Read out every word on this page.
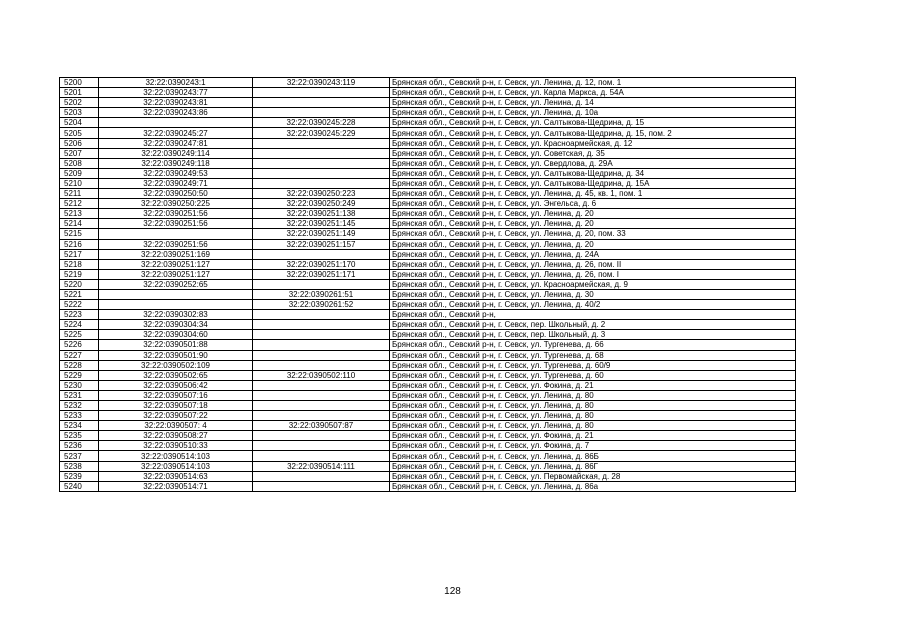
5200	32:22:0390243:1	32:22:0390243:119	Брянская обл., Севский р-н, г. Севск, ул. Ленина, д. 12, пом. 1
5201	32:22:0390243:77		Брянская обл., Севский р-н, г. Севск, ул. Карла Маркса, д. 54А
5202	32:22:0390243:81		Брянская обл., Севский р-н, г. Севск, ул. Ленина, д. 14
5203	32:22:0390243:86		Брянская обл., Севский р-н, г. Севск, ул. Ленина, д. 10а
5204		32:22:0390245:228	Брянская обл., Севский р-н, г. Севск, ул. Салтыкова-Щедрина, д. 15
5205	32:22:0390245:27	32:22:0390245:229	Брянская обл., Севский р-н, г. Севск, ул. Салтыкова-Щедрина, д. 15, пом. 2
5206	32:22:0390247:81		Брянская обл., Севский р-н, г. Севск, ул. Красноармейская, д. 12
5207	32:22:0390249:114		Брянская обл., Севский р-н, г. Севск, ул. Советская, д. 35
5208	32:22:0390249:118		Брянская обл., Севский р-н, г. Севск, ул. Свердлова, д. 29А
5209	32:22:0390249:53		Брянская обл., Севский р-н, г. Севск, ул. Салтыкова-Щедрина, д. 34
5210	32:22:0390249:71		Брянская обл., Севский р-н, г. Севск, ул. Салтыкова-Щедрина, д. 15А
5211	32:22:0390250:50	32:22:0390250:223	Брянская обл., Севский р-н, г. Севск, ул. Ленина, д. 45, кв. 1, пом. 1
5212	32:22:0390250:225	32:22:0390250:249	Брянская обл., Севский р-н, г. Севск, ул. Энгельса, д. 6
5213	32:22:0390251:56	32:22:0390251:138	Брянская обл., Севский р-н, г. Севск, ул. Ленина, д. 20
5214	32:22:0390251:56	32:22:0390251:145	Брянская обл., Севский р-н, г. Севск, ул. Ленина, д. 20
5215		32:22:0390251:149	Брянская обл., Севский р-н, г. Севск, ул. Ленина, д. 20, пом. 33
5216	32:22:0390251:56	32:22:0390251:157	Брянская обл., Севский р-н, г. Севск, ул. Ленина, д. 20
5217	32:22:0390251:169		Брянская обл., Севский р-н, г. Севск, ул. Ленина, д. 24А
5218	32:22:0390251:127	32:22:0390251:170	Брянская обл., Севский р-н, г. Севск, ул. Ленина, д. 26, пом. II
5219	32:22:0390251:127	32:22:0390251:171	Брянская обл., Севский р-н, г. Севск, ул. Ленина, д. 26, пом. I
5220	32:22:0390252:65		Брянская обл., Севский р-н, г. Севск, ул. Красноармейская, д. 9
5221		32:22:0390261:51	Брянская обл., Севский р-н, г. Севск, ул. Ленина, д. 30
5222		32:22:0390261:52	Брянская обл., Севский р-н, г. Севск, ул. Ленина, д. 40/2
5223	32:22:0390302:83		Брянская обл., Севский р-н,
5224	32:22:0390304:34		Брянская обл., Севский р-н, г. Севск, пер. Школьный, д. 2
5225	32:22:0390304:60		Брянская обл., Севский р-н, г. Севск, пер. Школьный, д. 3
5226	32:22:0390501:88		Брянская обл., Севский р-н, г. Севск, ул. Тургенева, д. 66
5227	32:22:0390501:90		Брянская обл., Севский р-н, г. Севск, ул. Тургенева, д. 68
5228	32:22:0390502:109		Брянская обл., Севский р-н, г. Севск, ул. Тургенева, д. 60/9
5229	32:22:0390502:65	32:22:0390502:110	Брянская обл., Севский р-н, г. Севск, ул. Тургенева, д. 60
5230	32:22:0390506:42		Брянская обл., Севский р-н, г. Севск, ул. Фокина, д. 21
5231	32:22:0390507:16		Брянская обл., Севский р-н, г. Севск, ул. Ленина, д. 80
5232	32:22:0390507:18		Брянская обл., Севский р-н, г. Севск, ул. Ленина, д. 80
5233	32:22:0390507:22		Брянская обл., Севский р-н, г. Севск, ул. Ленина, д. 80
5234	32:22:0390507: 4	32:22:0390507:87	Брянская обл., Севский р-н, г. Севск, ул. Ленина, д. 80
5235	32:22:0390508:27		Брянская обл., Севский р-н, г. Севск, ул. Фокина, д. 21
5236	32:22:0390510:33		Брянская обл., Севский р-н, г. Севск, ул. Фокина, д. 7
5237	32:22:0390514:103		Брянская обл., Севский р-н, г. Севск, ул. Ленина, д. 86Б
5238	32:22:0390514:103	32:22:0390514:111	Брянская обл., Севский р-н, г. Севск, ул. Ленина, д. 86Г
5239	32:22:0390514:63		Брянская обл., Севский р-н, г. Севск, ул. Первомайская, д. 28
5240	32:22:0390514:71		Брянская обл., Севский р-н, г. Севск, ул. Ленина, д. 86а
128
